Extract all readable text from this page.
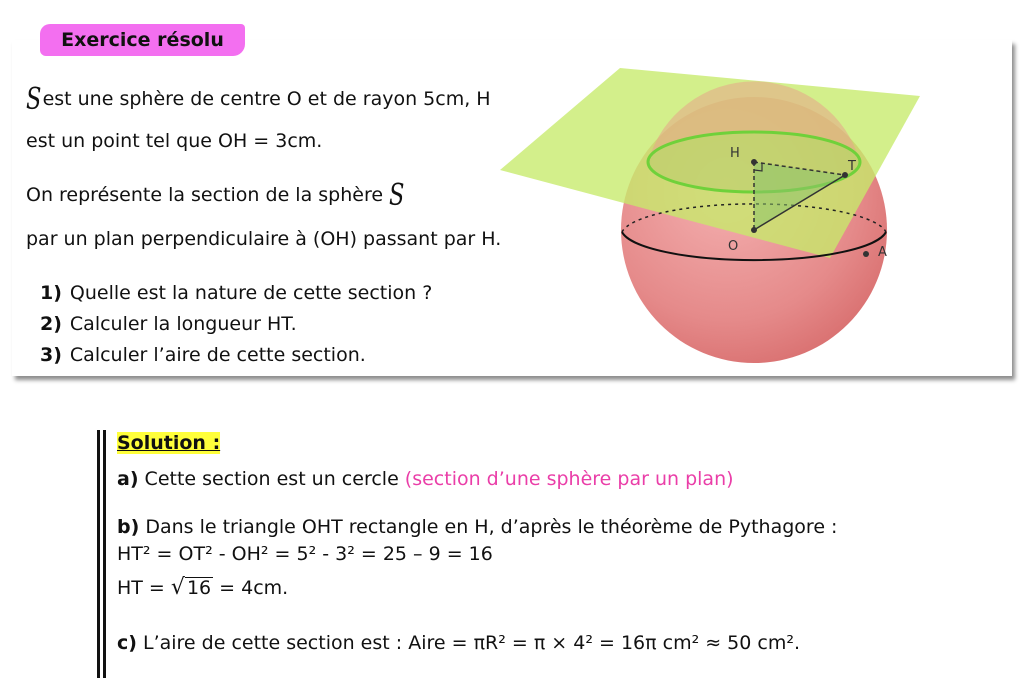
Exercice résolu
Sest une sphère de centre O et de rayon 5cm, H
est un point tel que OH = 3cm.
On représente la section de la sphère S
par un plan perpendiculaire à (OH) passant par H.
1) Quelle est la nature de cette section ?
2) Calculer la longueur HT.
3) Calculer l’aire de cette section.
H
T
O	A
Solution :
a) Cette section est un cercle (section d’une sphère par un plan)
b) Dans le triangle OHT rectangle en H, d’après le théorème de Pythagore :
HT² = OT² - OH² = 5² - 3² = 25 – 9 = 16
HT = √ 16 = 4cm.
c) L’aire de cette section est : Aire = πR² = π × 4² = 16π cm² ≈ 50 cm².
